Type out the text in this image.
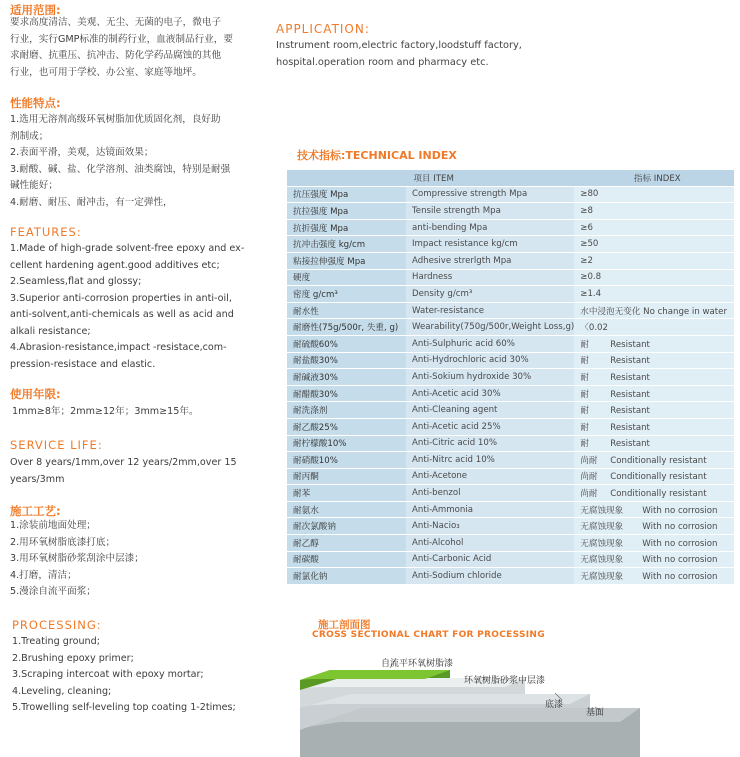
适用范围:
要求高度清洁、美观、无尘、无菌的电子，微电子
行业，实行GMP标准的制药行业，血液制品行业，要
求耐磨、抗重压、抗冲击、防化学药品腐蚀的其他
行业，也可用于学校、办公室、家庭等地坪。
性能特点:
1.选用无溶剂高级环氧树脂加优质固化剂，良好助
剂制成；
2.表面平滑，美观，达镜面效果；
3.耐酸、碱、盐、化学溶剂、油类腐蚀，特别是耐强
碱性能好；
4.耐磨、耐压、耐冲击，有一定弹性，
FEATURES:
1.Made of high-grade solvent-free epoxy and ex-
cellent hardening agent.good additives etc;
2.Seamless,flat and glossy;
3.Superior anti-corrosion properties in anti-oil,
anti-solvent,anti-chemicals as well as acid and
alkali resistance;
4.Abrasion-resistance,impact -resistace,com-
pression-resistace and elastic.
使用年限:
1mm≥8年；2mm≥12年；3mm≥15年。
SERVICE LIFE:
Over 8 years/1mm,over 12 years/2mm,over 15
years/3mm
施工工艺:
1.涂装前地面处理；
2.用环氧树脂底漆打底；
3.用环氧树脂砂浆刮涂中层漆；
4.打磨，清洁；
5.漫涂自流平面浆；
PROCESSING:
1.Treating ground;
2.Brushing epoxy primer;
3.Scraping intercoat with epoxy mortar;
4.Leveling, cleaning;
5.Trowelling self-leveling top coating 1-2times;
APPLICATION:
Instrument room,electric factory,loodstuff factory,
hospital.operation room and pharmacy etc.
技术指标:TECHNICAL INDEX
项目 ITEM		指标 INDEX
抗压强度 Mpa	Compressive strength Mpa	≥80
抗拉强度 Mpa	Tensile strength Mpa	≥8
抗折强度 Mpa	anti-bending Mpa	≥6
抗冲击强度 kg/cm	Impact resistance kg/cm	≥50
粘接拉伸强度 Mpa	Adhesive strerlgth Mpa	≥2
硬度	Hardness	≥0.8
密度 g/cm³	Density g/cm³	≥1.4
耐水性	Water-resistance	水中浸泡无变化 No change in water
耐磨性(75g/500r, 失重, g)	Wearability(750g/500r,Weight Loss,g)	〈0.02
耐硫酸60%	Anti-Sulphuric acid 60%	耐 Resistant
耐盐酸30%	Anti-Hydrochloric acid 30%	耐 Resistant
耐碱液30%	Anti-Sokium hydroxide 30%	耐 Resistant
耐醋酸30%	Anti-Acetic acid 30%	耐 Resistant
耐洗涤剂	Anti-Cleaning agent	耐 Resistant
耐乙酸25%	Anti-Acetic acid 25%	耐 Resistant
耐柠檬酸10%	Anti-Citric acid 10%	耐 Resistant
耐硝酸10%	Anti-Nitrc acid 10%	尚耐 Conditionally resistant
耐丙酮	Anti-Acetone	尚耐 Conditionally resistant
耐苯	Anti-benzol	尚耐 Conditionally resistant
耐氨水	Anti-Ammonia	无腐蚀现象 With no corrosion
耐次氯酸钠	Anti-Nacio₃	无腐蚀现象 With no corrosion
耐乙醇	Anti-Alcohol	无腐蚀现象 With no corrosion
耐碳酸	Anti-Carbonic Acid	无腐蚀现象 With no corrosion
耐氯化钠	Anti-Sodium chloride	无腐蚀现象 With no corrosion
施工剖面图
CROSS SECTIONAL CHART FOR PROCESSING
自流平环氧树脂漆
环氧树脂砂浆中层漆
底漆
基面
